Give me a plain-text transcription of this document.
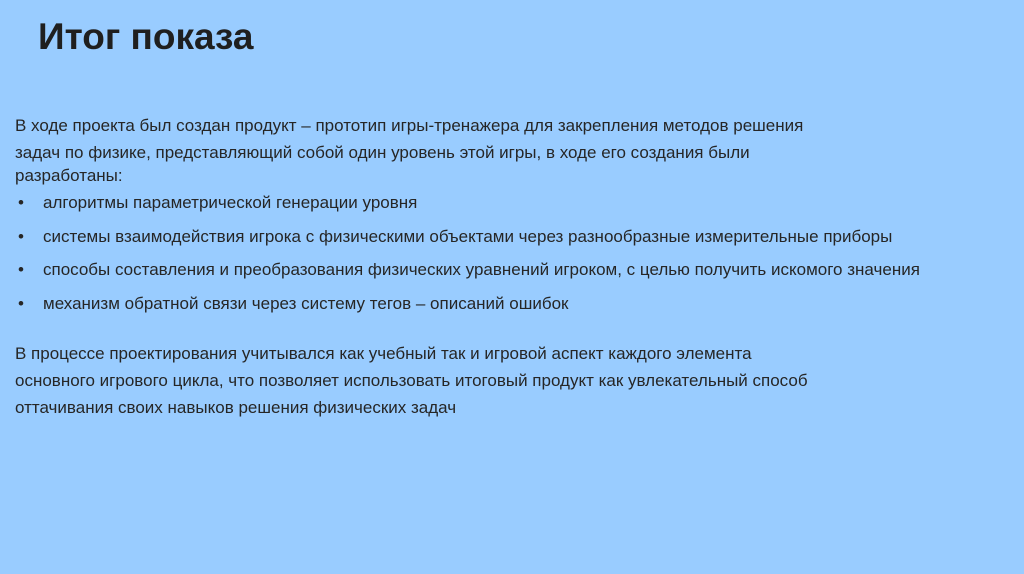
Итог показа
В ходе проекта был создан продукт – прототип игры-тренажера для закрепления методов решения
задач по физике, представляющий собой один уровень этой игры, в ходе его создания были
разработаны:
• алгоритмы параметрической генерации уровня
• системы взаимодействия игрока с физическими объектами через разнообразные измерительные приборы
• способы составления и преобразования физических уравнений игроком, с целью получить искомого значения
• механизм обратной связи через систему тегов – описаний ошибок
В процессе проектирования учитывался как учебный так и игровой аспект каждого элемента
основного игрового цикла, что позволяет использовать итоговый продукт как увлекательный способ
оттачивания своих навыков решения физических задач
